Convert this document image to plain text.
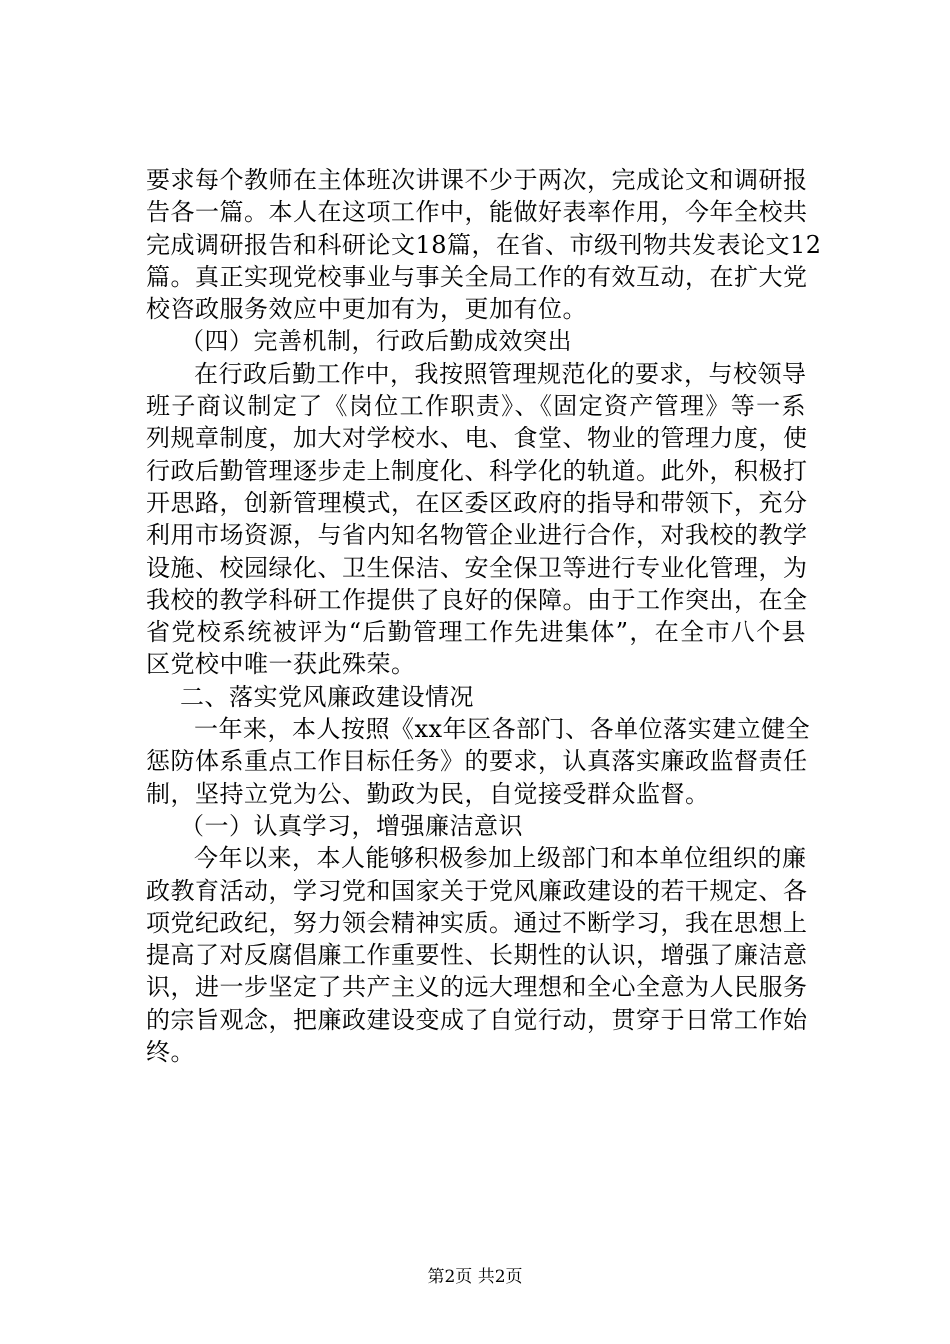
要求每个教师在主体班次讲课不少于两次，完成论文和调研报
告各一篇。本人在这项工作中，能做好表率作用，今年全校共
完成调研报告和科研论文18篇，在省、市级刊物共发表论文12
篇。真正实现党校事业与事关全局工作的有效互动，在扩大党
校咨政服务效应中更加有为，更加有位。
（四）完善机制，行政后勤成效突出
在行政后勤工作中，我按照管理规范化的要求，与校领导
班子商议制定了《岗位工作职责》、《固定资产管理》等一系
列规章制度，加大对学校水、电、食堂、物业的管理力度，使
行政后勤管理逐步走上制度化、科学化的轨道。此外，积极打
开思路，创新管理模式，在区委区政府的指导和带领下，充分
利用市场资源，与省内知名物管企业进行合作，对我校的教学
设施、校园绿化、卫生保洁、安全保卫等进行专业化管理，为
我校的教学科研工作提供了良好的保障。由于工作突出，在全
省党校系统被评为“后勤管理工作先进集体”，在全市八个县
区党校中唯一获此殊荣。
二、落实党风廉政建设情况
一年来，本人按照《xx年区各部门、各单位落实建立健全
惩防体系重点工作目标任务》的要求，认真落实廉政监督责任
制，坚持立党为公、勤政为民，自觉接受群众监督。
（一）认真学习，增强廉洁意识
今年以来，本人能够积极参加上级部门和本单位组织的廉
政教育活动，学习党和国家关于党风廉政建设的若干规定、各
项党纪政纪，努力领会精神实质。通过不断学习，我在思想上
提高了对反腐倡廉工作重要性、长期性的认识，增强了廉洁意
识，进一步坚定了共产主义的远大理想和全心全意为人民服务
的宗旨观念，把廉政建设变成了自觉行动，贯穿于日常工作始
终。
第2页 共2页
